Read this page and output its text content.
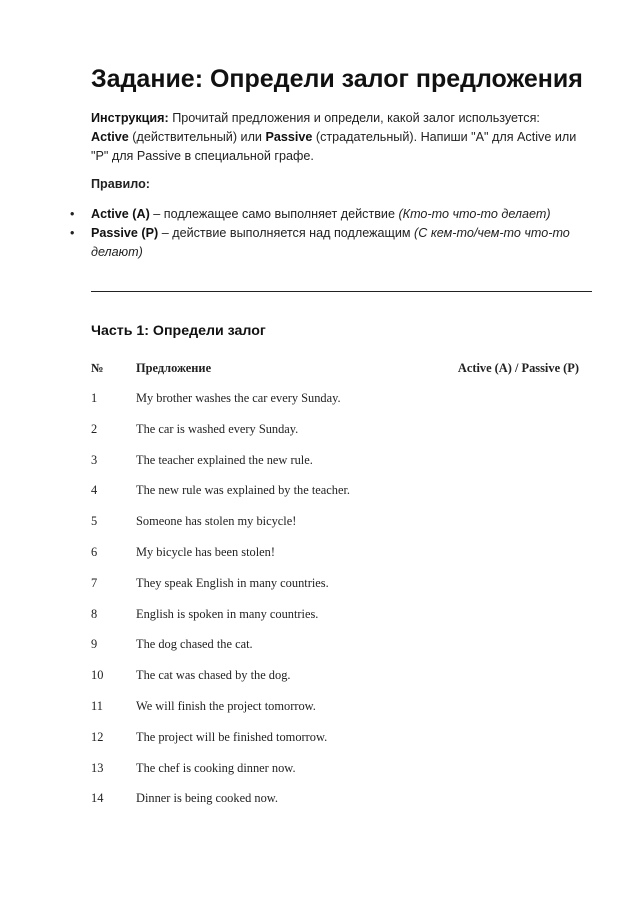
Задание: Определи залог предложения

Инструкция: Прочитай предложения и определи, какой залог используется: Active (действительный) или Passive (страдательный). Напиши "A" для Active или "P" для Passive в специальной графе.

Правило:

• Active (A) – подлежащее само выполняет действие (Кто-то что-то делает)
• Passive (P) – действие выполняется над подлежащим (С кем-то/чем-то что-то делают)
Часть 1: Определи залог
№	Предложение	Active (A) / Passive (P)
1	My brother washes the car every Sunday.
2	The car is washed every Sunday.
3	The teacher explained the new rule.
4	The new rule was explained by the teacher.
5	Someone has stolen my bicycle!
6	My bicycle has been stolen!
7	They speak English in many countries.
8	English is spoken in many countries.
9	The dog chased the cat.
10	The cat was chased by the dog.
11	We will finish the project tomorrow.
12	The project will be finished tomorrow.
13	The chef is cooking dinner now.
14	Dinner is being cooked now.
